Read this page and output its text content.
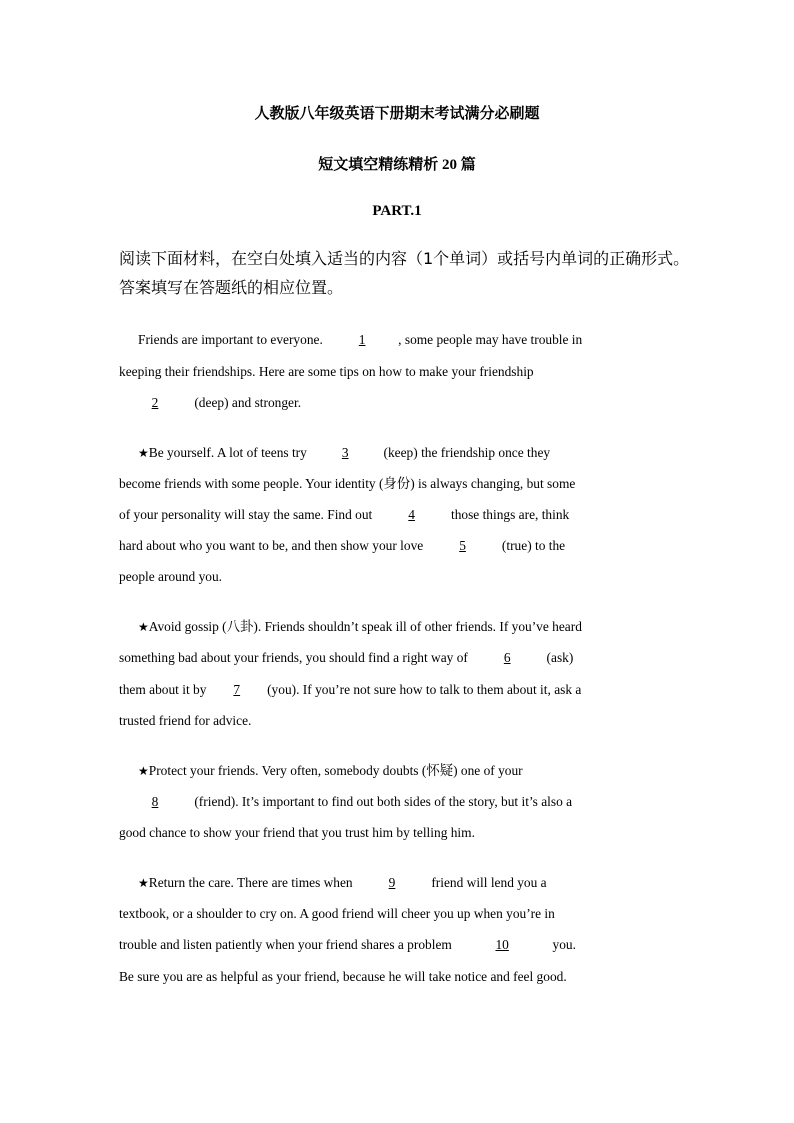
人教版八年级英语下册期末考试满分必刷题
短文填空精练精析 20 篇
PART.1
阅读下面材料，在空白处填入适当的内容（1个单词）或括号内单词的正确形式。
答案填写在答题纸的相应位置。
Friends are important to everyone. 1 , some people may have trouble in
keeping their friendships. Here are some tips on how to make your friendship
2 (deep) and stronger.
★Be yourself. A lot of teens try 3 (keep) the friendship once they
become friends with some people. Your identity (身份) is always changing, but some
of your personality will stay the same. Find out 4 those things are, think
hard about who you want to be, and then show your love 5 (true) to the
people around you.
★Avoid gossip (八卦). Friends shouldn’t speak ill of other friends. If you’ve heard
something bad about your friends, you should find a right way of 6 (ask)
them about it by 7 (you). If you’re not sure how to talk to them about it, ask a
trusted friend for advice.
★Protect your friends. Very often, somebody doubts (怀疑) one of your
8 (friend). It’s important to find out both sides of the story, but it’s also a
good chance to show your friend that you trust him by telling him.
★Return the care. There are times when 9 friend will lend you a
textbook, or a shoulder to cry on. A good friend will cheer you up when you’re in
trouble and listen patiently when your friend shares a problem	10	you.
Be sure you are as helpful as your friend, because he will take notice and feel good.
